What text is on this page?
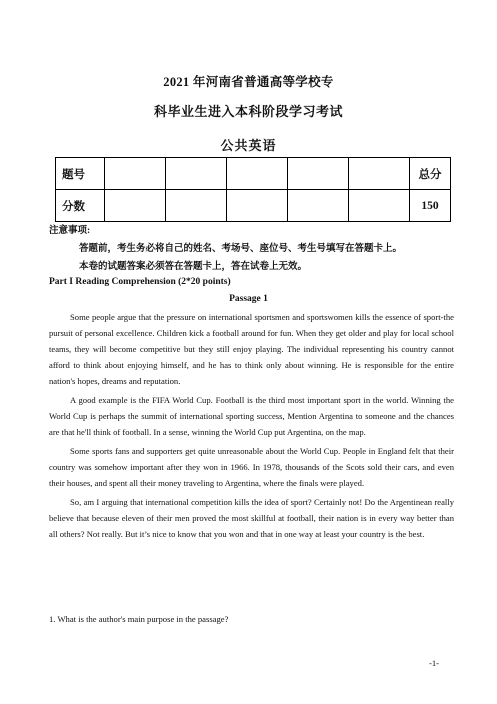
2021 年河南省普通高等学校专
科毕业生进入本科阶段学习考试
公共英语
题号						总分
分数						150
注意事项:
答题前，考生务必将自己的姓名、考场号、座位号、考生号填写在答题卡上。
本卷的试题答案必须答在答题卡上，答在试卷上无效。
Part I Reading Comprehension (2*20 points)
Passage 1

Some people argue that the pressure on international sportsmen and sportswomen kills the essence of sport-the pursuit of personal excellence. Children kick a football around for fun. When they get older and play for local school teams, they will become competitive but they still enjoy playing. The individual representing his country cannot afford to think about enjoying himself, and he has to think only about winning. He is responsible for the entire nation's hopes, dreams and reputation.

A good example is the FIFA World Cup. Football is the third most important sport in the world. Winning the World Cup is perhaps the summit of international sporting success, Mention Argentina to someone and the chances are that he'll think of football. In a sense, winning the World Cup put Argentina, on the map.

Some sports fans and supporters get quite unreasonable about the World Cup. People in England felt that their country was somehow important after they won in 1966. In 1978, thousands of the Scots sold their cars, and even their houses, and spent all their money traveling to Argentina, where the finals were played.

So, am I arguing that international competition kills the idea of sport? Certainly not! Do the Argentinean really believe that because eleven of their men proved the most skillful at football, their nation is in every way better than all others? Not really. But it’s nice to know that you won and that in one way at least your country is the best.

1. What is the author's main purpose in the passage?
-1-
